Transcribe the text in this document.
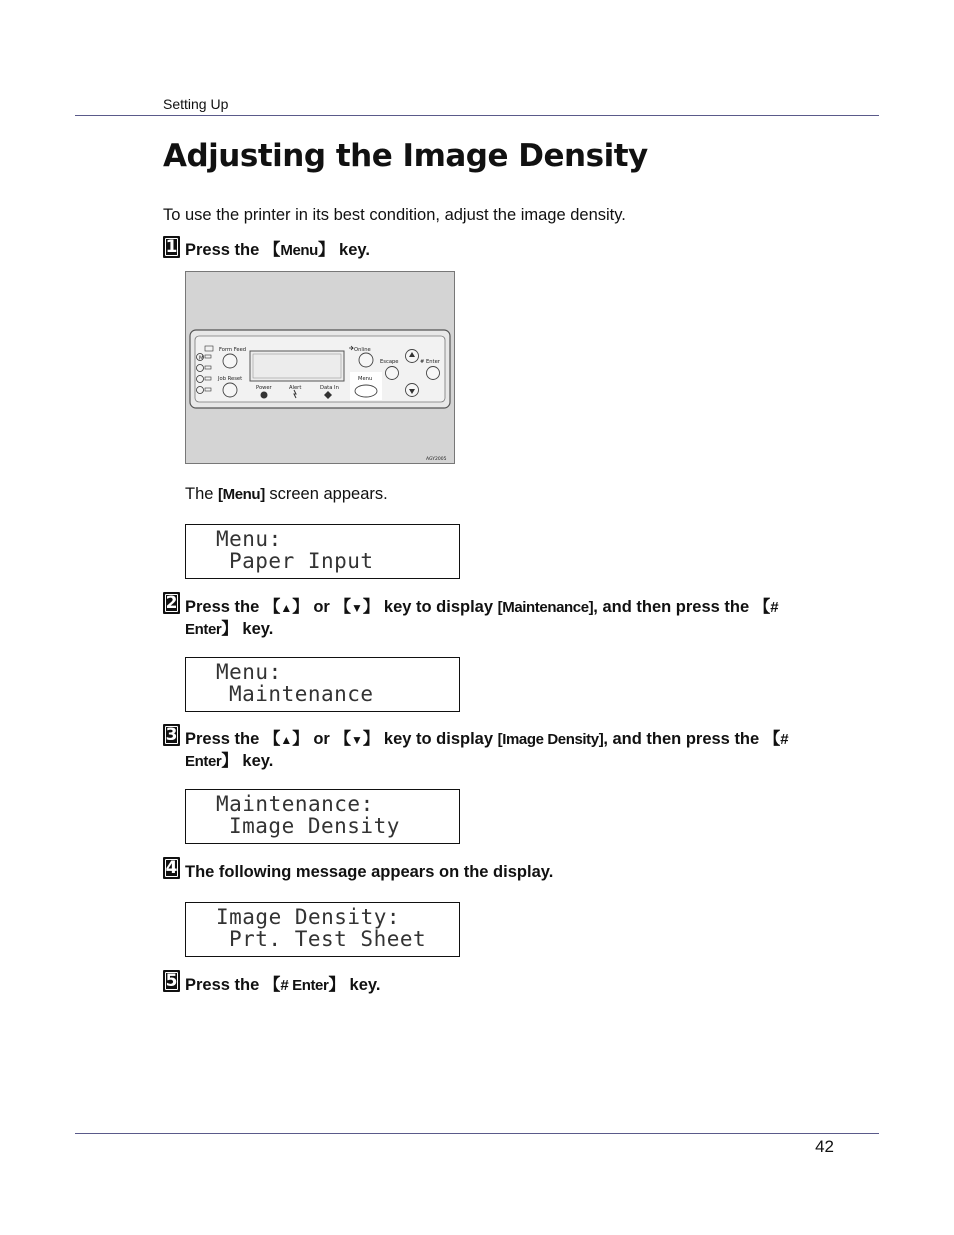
Setting Up
Adjusting the Image Density
To use the printer in its best condition, adjust the image density.
1 Press the 【Menu】 key.
M
Form Feed
Job Reset
Online
Escape	# Enter
Menu
Power	Alert	Data In
AGY2005
The [Menu] screen appears.
Menu:
Paper Input
2 Press the 【▲】 or 【▼】 key to display [Maintenance], and then press the 【# Enter】 key.
Menu:
Maintenance
3 Press the 【▲】 or 【▼】 key to display [Image Density], and then press the 【# Enter】 key.
Maintenance:
Image Density
4 The following message appears on the display.
Image Density:
Prt. Test Sheet
5 Press the 【# Enter】 key.
42
